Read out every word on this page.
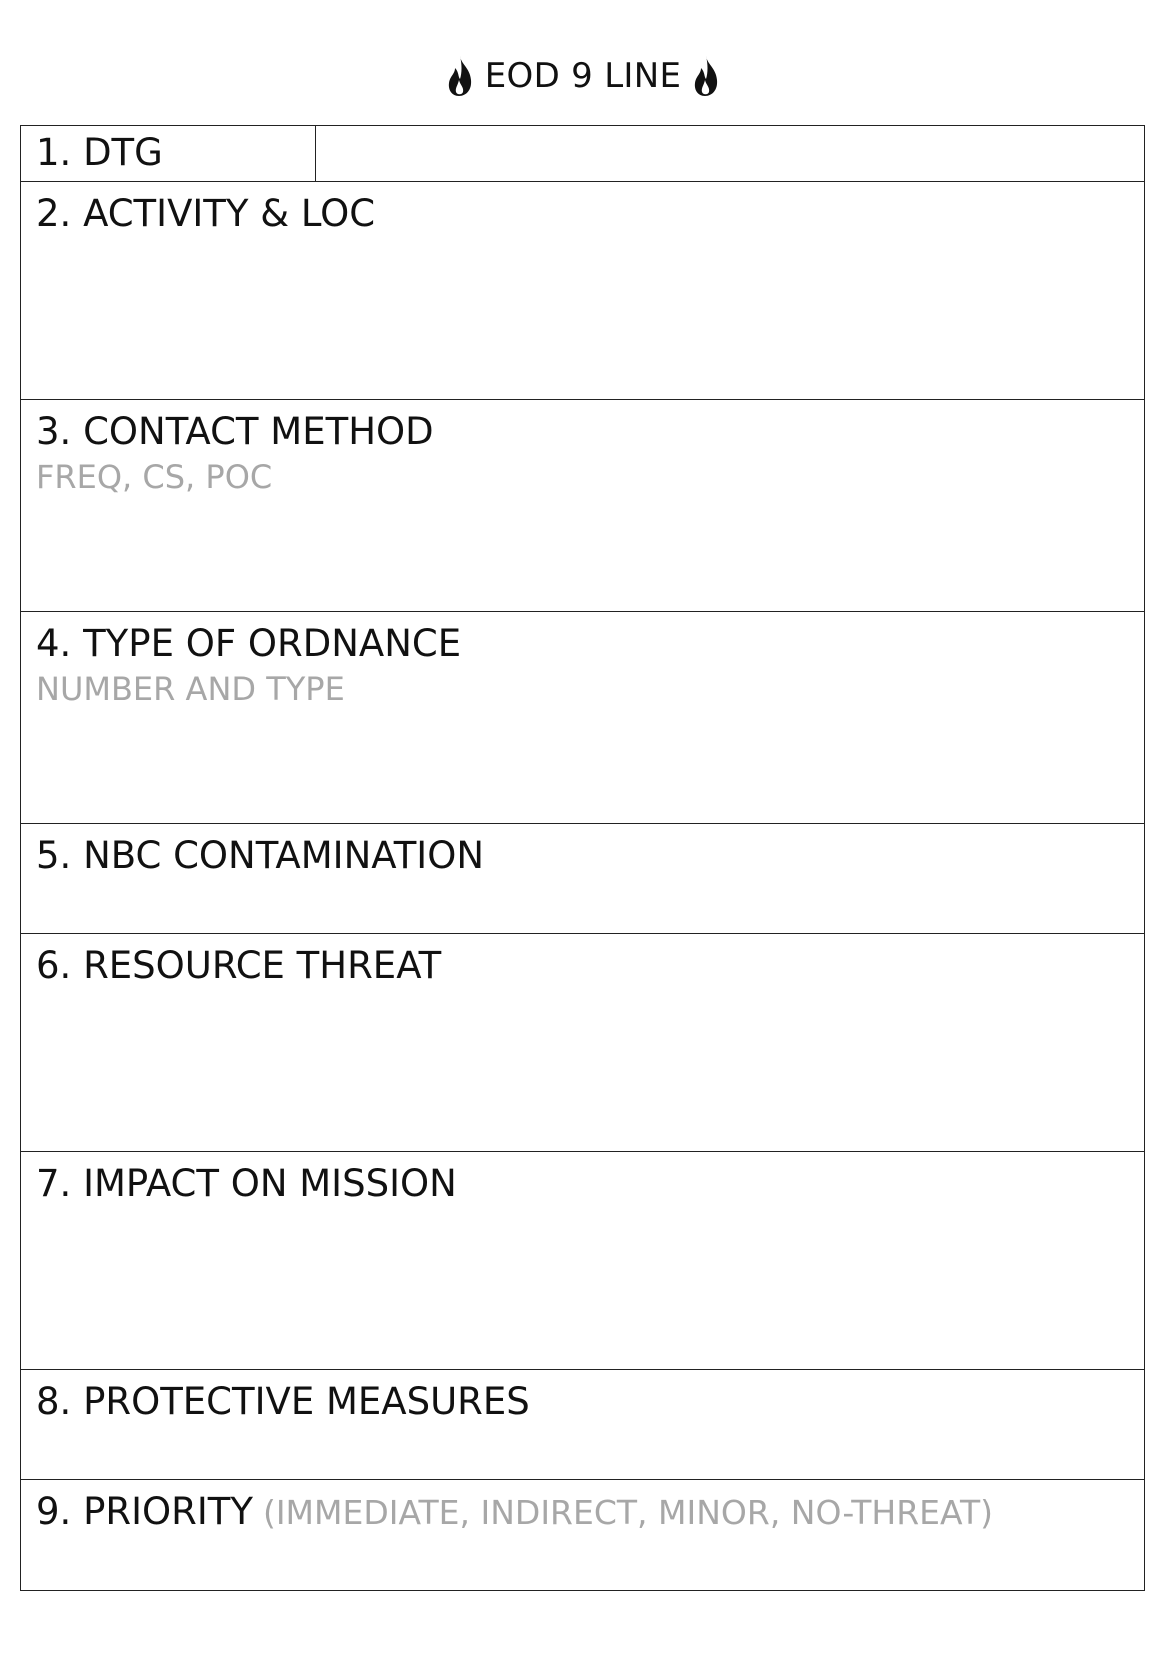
EOD 9 LINE
1. DTG
2. ACTIVITY & LOC
3. CONTACT METHOD
FREQ, CS, POC
4. TYPE OF ORDNANCE
NUMBER AND TYPE
5. NBC CONTAMINATION
6. RESOURCE THREAT
7. IMPACT ON MISSION
8. PROTECTIVE MEASURES
9. PRIORITY (IMMEDIATE, INDIRECT, MINOR, NO-THREAT)
